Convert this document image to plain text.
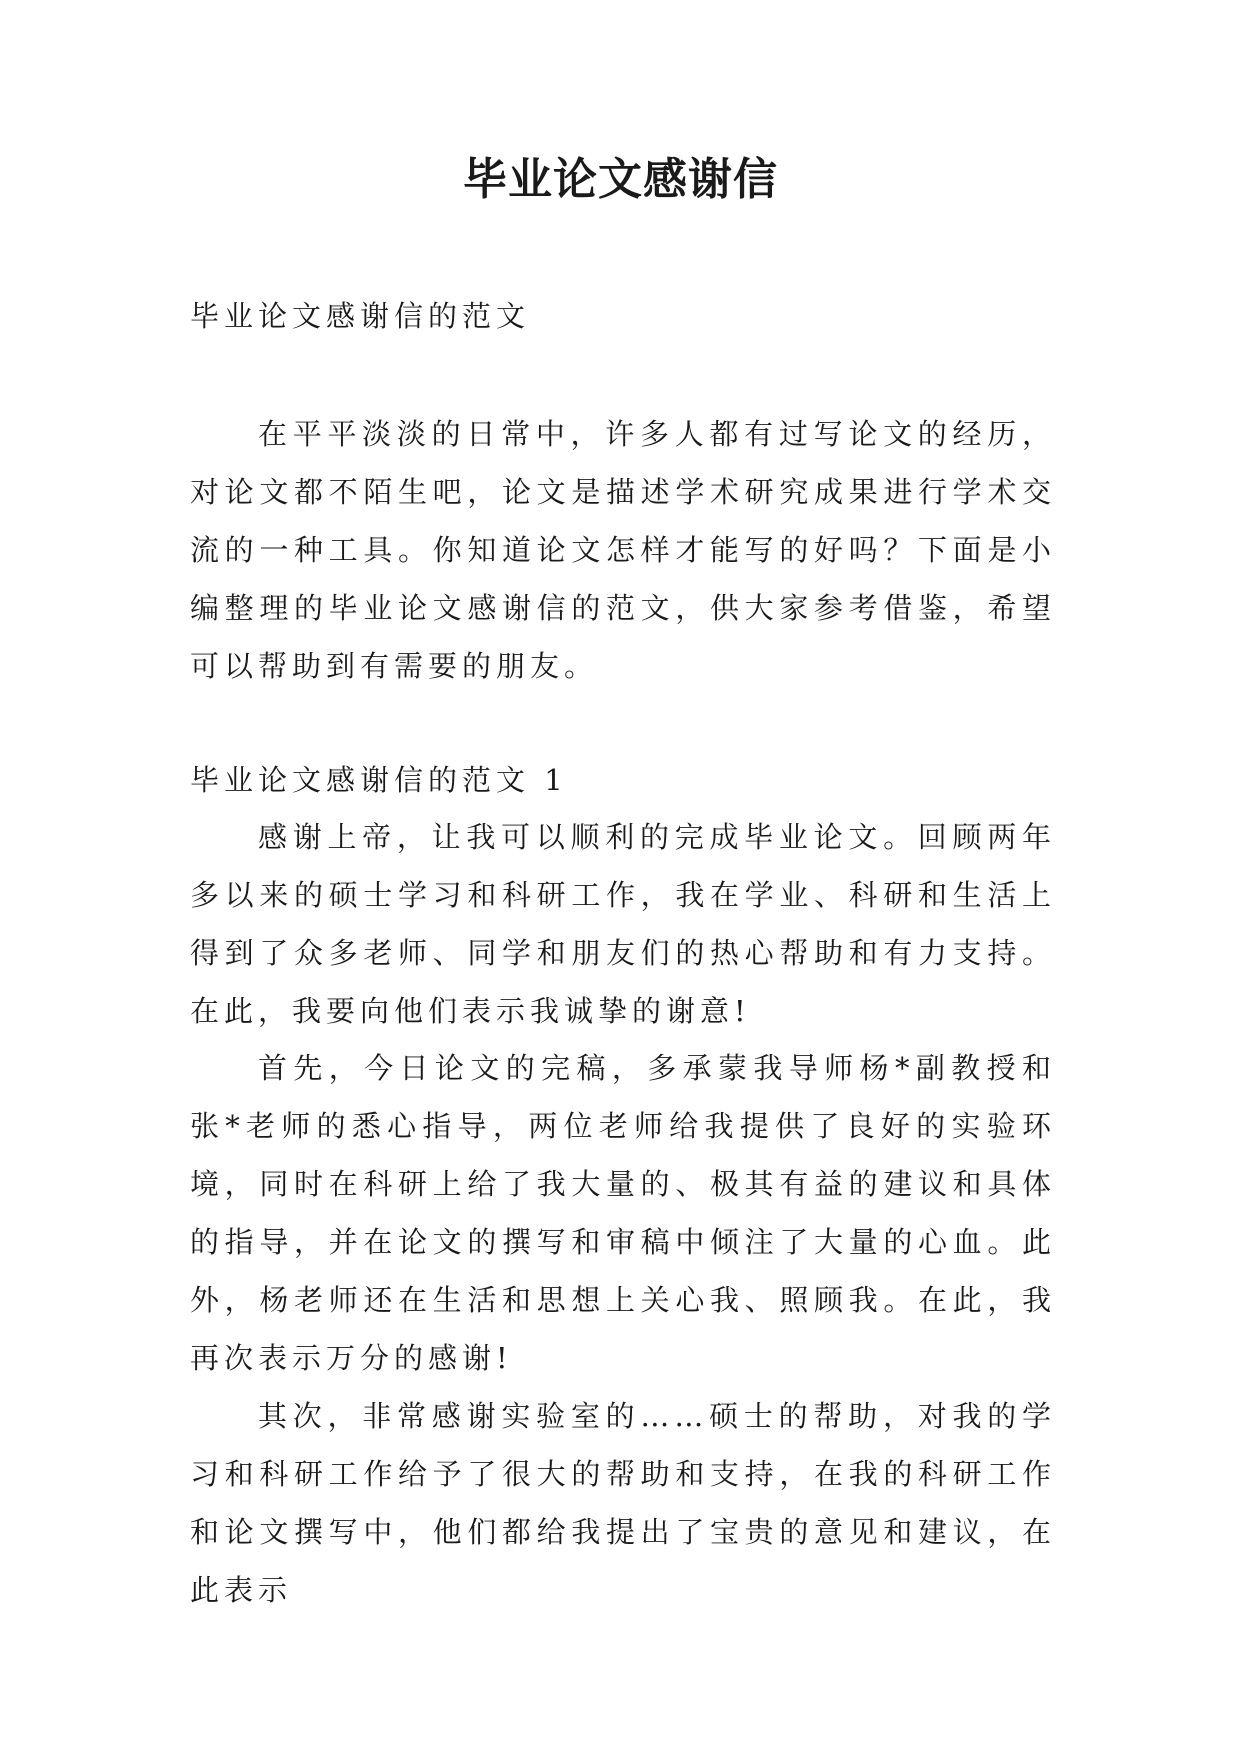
毕业论文感谢信

毕业论文感谢信的范文

在平平淡淡的日常中，许多人都有过写论文的经历，对论文都不陌生吧，论文是描述学术研究成果进行学术交流的一种工具。你知道论文怎样才能写的好吗？下面是小编整理的毕业论文感谢信的范文，供大家参考借鉴，希望可以帮助到有需要的朋友。

毕业论文感谢信的范文 1

感谢上帝，让我可以顺利的完成毕业论文。回顾两年多以来的硕士学习和科研工作，我在学业、科研和生活上得到了众多老师、同学和朋友们的热心帮助和有力支持。在此，我要向他们表示我诚挚的谢意!

首先，今日论文的完稿，多承蒙我导师杨*副教授和张*老师的悉心指导，两位老师给我提供了良好的实验环境，同时在科研上给了我大量的、极其有益的建议和具体的指导，并在论文的撰写和审稿中倾注了大量的心血。此外，杨老师还在生活和思想上关心我、照顾我。在此，我再次表示万分的感谢!

其次，非常感谢实验室的……硕士的帮助，对我的学习和科研工作给予了很大的帮助和支持，在我的科研工作和论文撰写中，他们都给我提出了宝贵的意见和建议，在此表示
